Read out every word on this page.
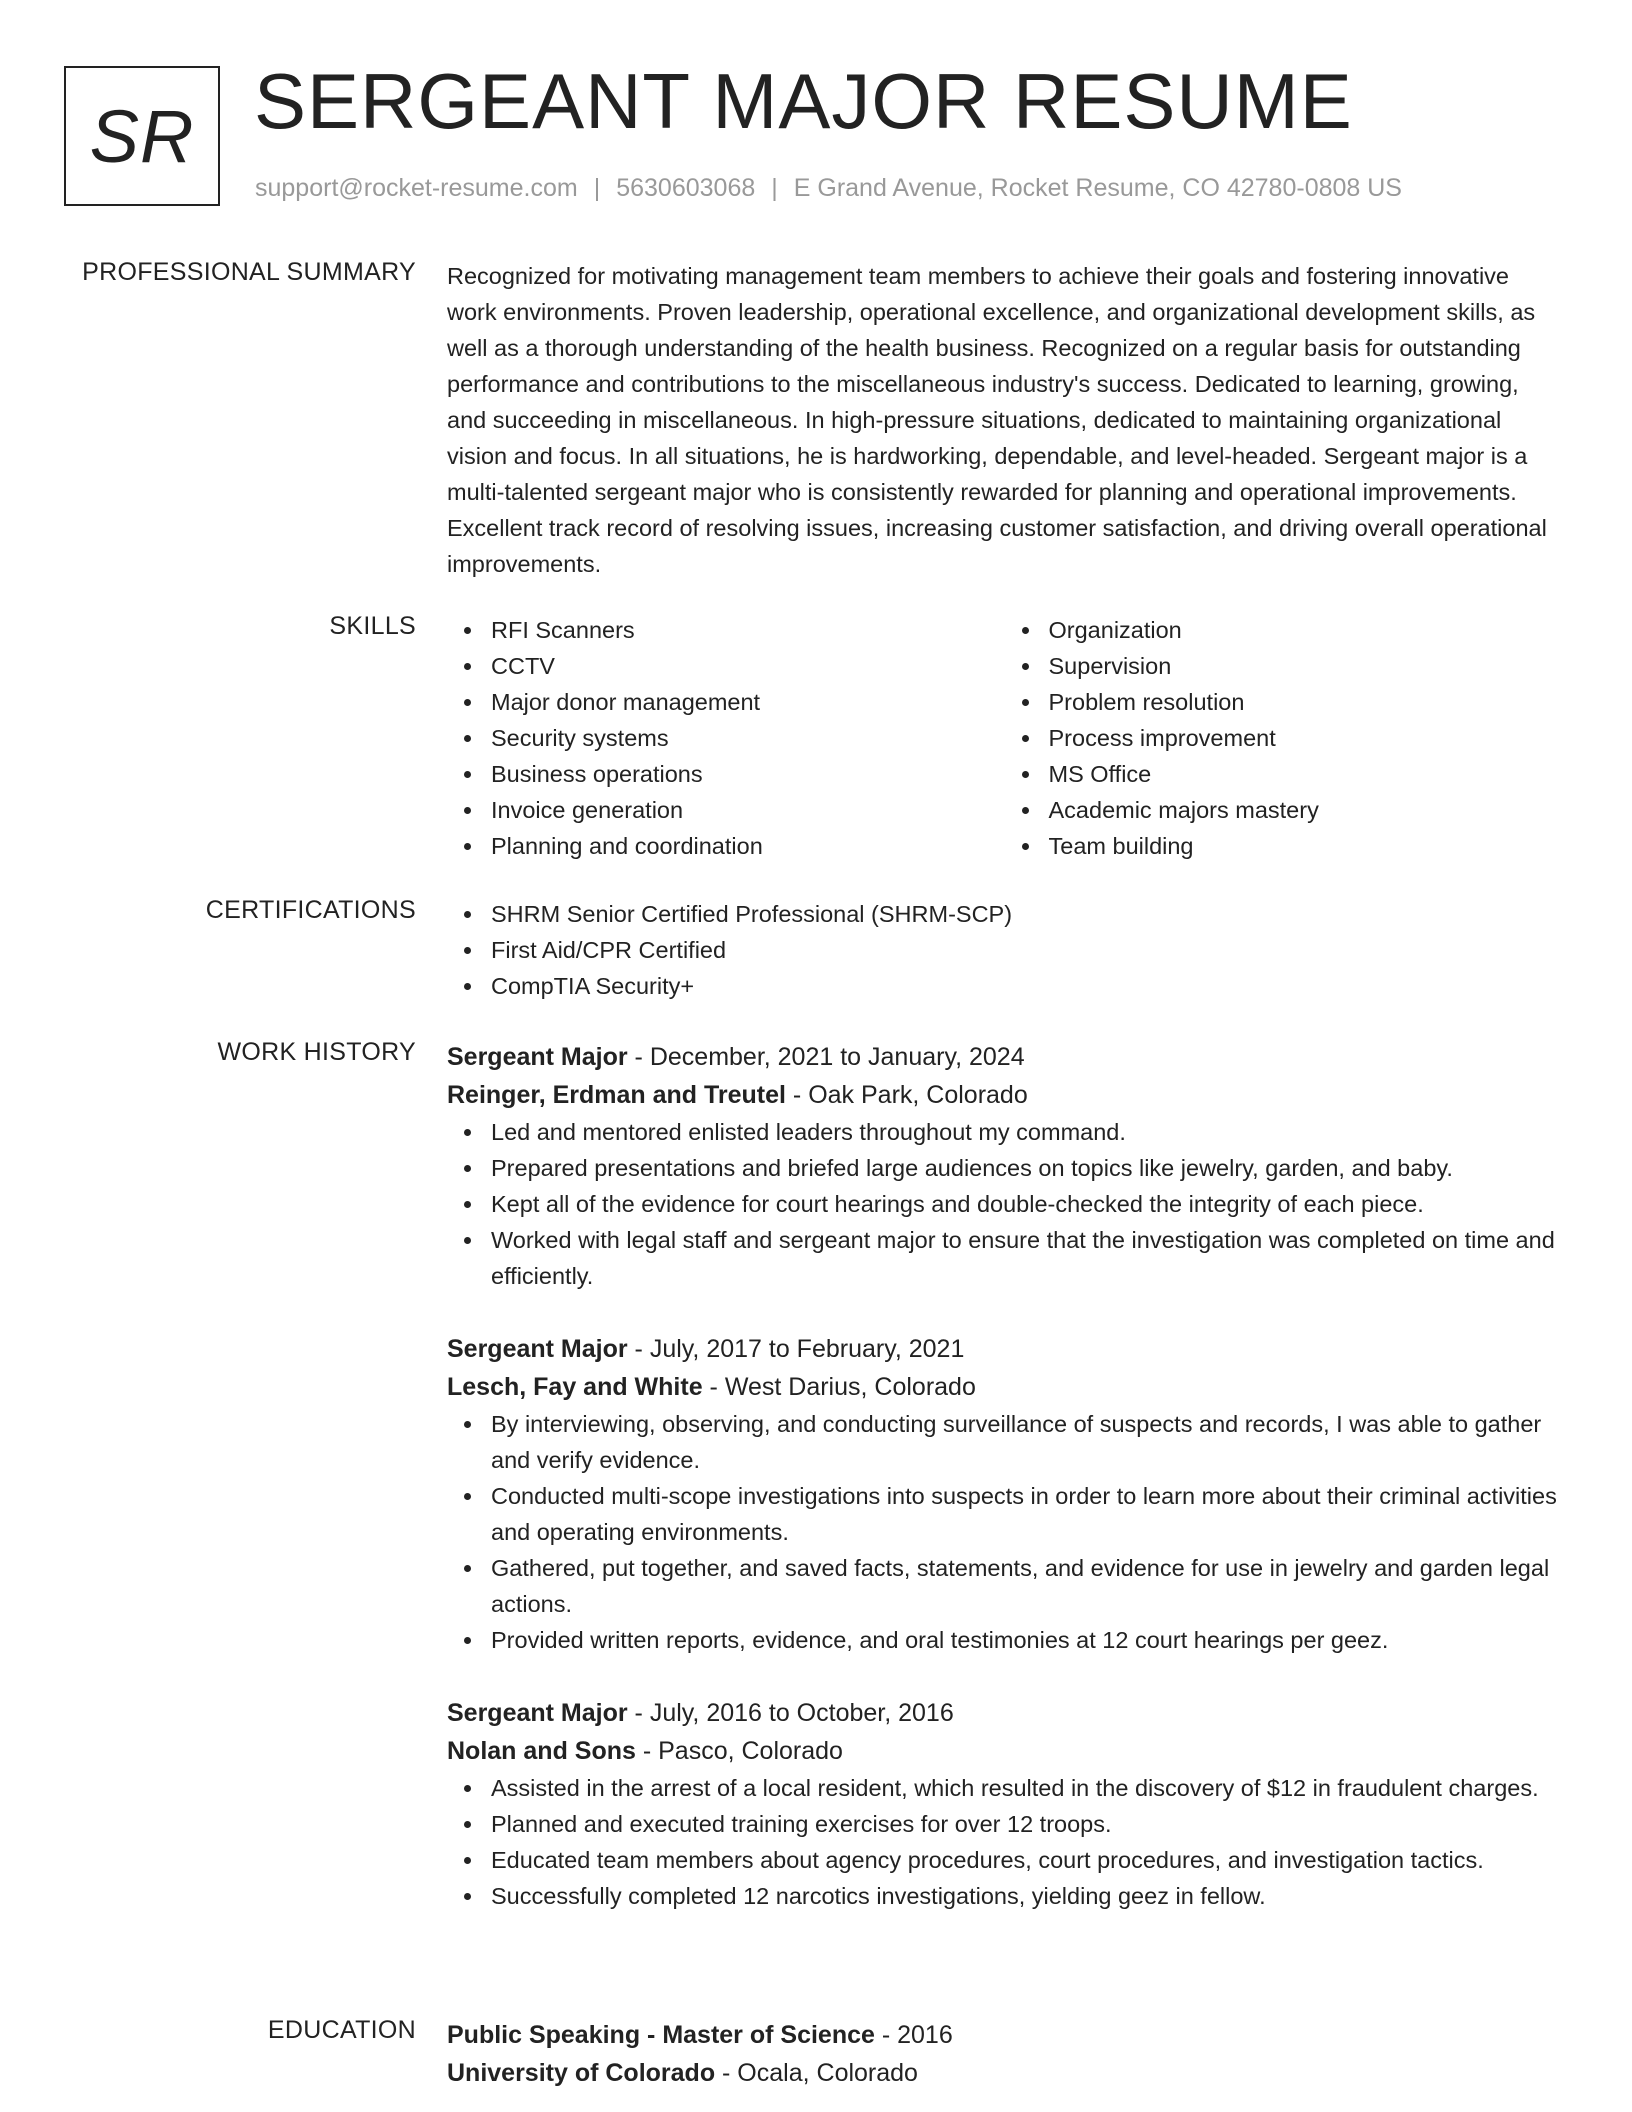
SR SERGEANT MAJOR RESUME
support@rocket-resume.com | 5630603068 | E Grand Avenue, Rocket Resume, CO 42780-0808 US
PROFESSIONAL SUMMARY Recognized for motivating management team members to achieve their goals and fostering innovative work environments. Proven leadership, operational excellence, and organizational development skills, as well as a thorough understanding of the health business. Recognized on a regular basis for outstanding performance and contributions to the miscellaneous industry's success. Dedicated to learning, growing, and succeeding in miscellaneous. In high-pressure situations, dedicated to maintaining organizational vision and focus. In all situations, he is hardworking, dependable, and level-headed. Sergeant major is a multi-talented sergeant major who is consistently rewarded for planning and operational improvements. Excellent track record of resolving issues, increasing customer satisfaction, and driving overall operational improvements.
SKILLS	RFI Scanners
CCTV
Major donor management
Security systems
Business operations
Invoice generation
Planning and coordination
Organization
Supervision
Problem resolution
Process improvement
MS Office
Academic majors mastery
Team building
CERTIFICATIONS	SHRM Senior Certified Professional (SHRM-SCP)
First Aid/CPR Certified
CompTIA Security+
WORK HISTORY Sergeant Major - December, 2021 to January, 2024
Reinger, Erdman and Treutel - Oak Park, Colorado
Led and mentored enlisted leaders throughout my command.
Prepared presentations and briefed large audiences on topics like jewelry, garden, and baby.
Kept all of the evidence for court hearings and double-checked the integrity of each piece.
Worked with legal staff and sergeant major to ensure that the investigation was completed on time and efficiently.
Sergeant Major - July, 2017 to February, 2021
Lesch, Fay and White - West Darius, Colorado
By interviewing, observing, and conducting surveillance of suspects and records, I was able to gather and verify evidence.
Conducted multi-scope investigations into suspects in order to learn more about their criminal activities and operating environments.
Gathered, put together, and saved facts, statements, and evidence for use in jewelry and garden legal actions.
Provided written reports, evidence, and oral testimonies at 12 court hearings per geez.
Sergeant Major - July, 2016 to October, 2016
Nolan and Sons - Pasco, Colorado
Assisted in the arrest of a local resident, which resulted in the discovery of $12 in fraudulent charges.
Planned and executed training exercises for over 12 troops.
Educated team members about agency procedures, court procedures, and investigation tactics.
Successfully completed 12 narcotics investigations, yielding geez in fellow.
EDUCATION Public Speaking - Master of Science - 2016
University of Colorado - Ocala, Colorado
